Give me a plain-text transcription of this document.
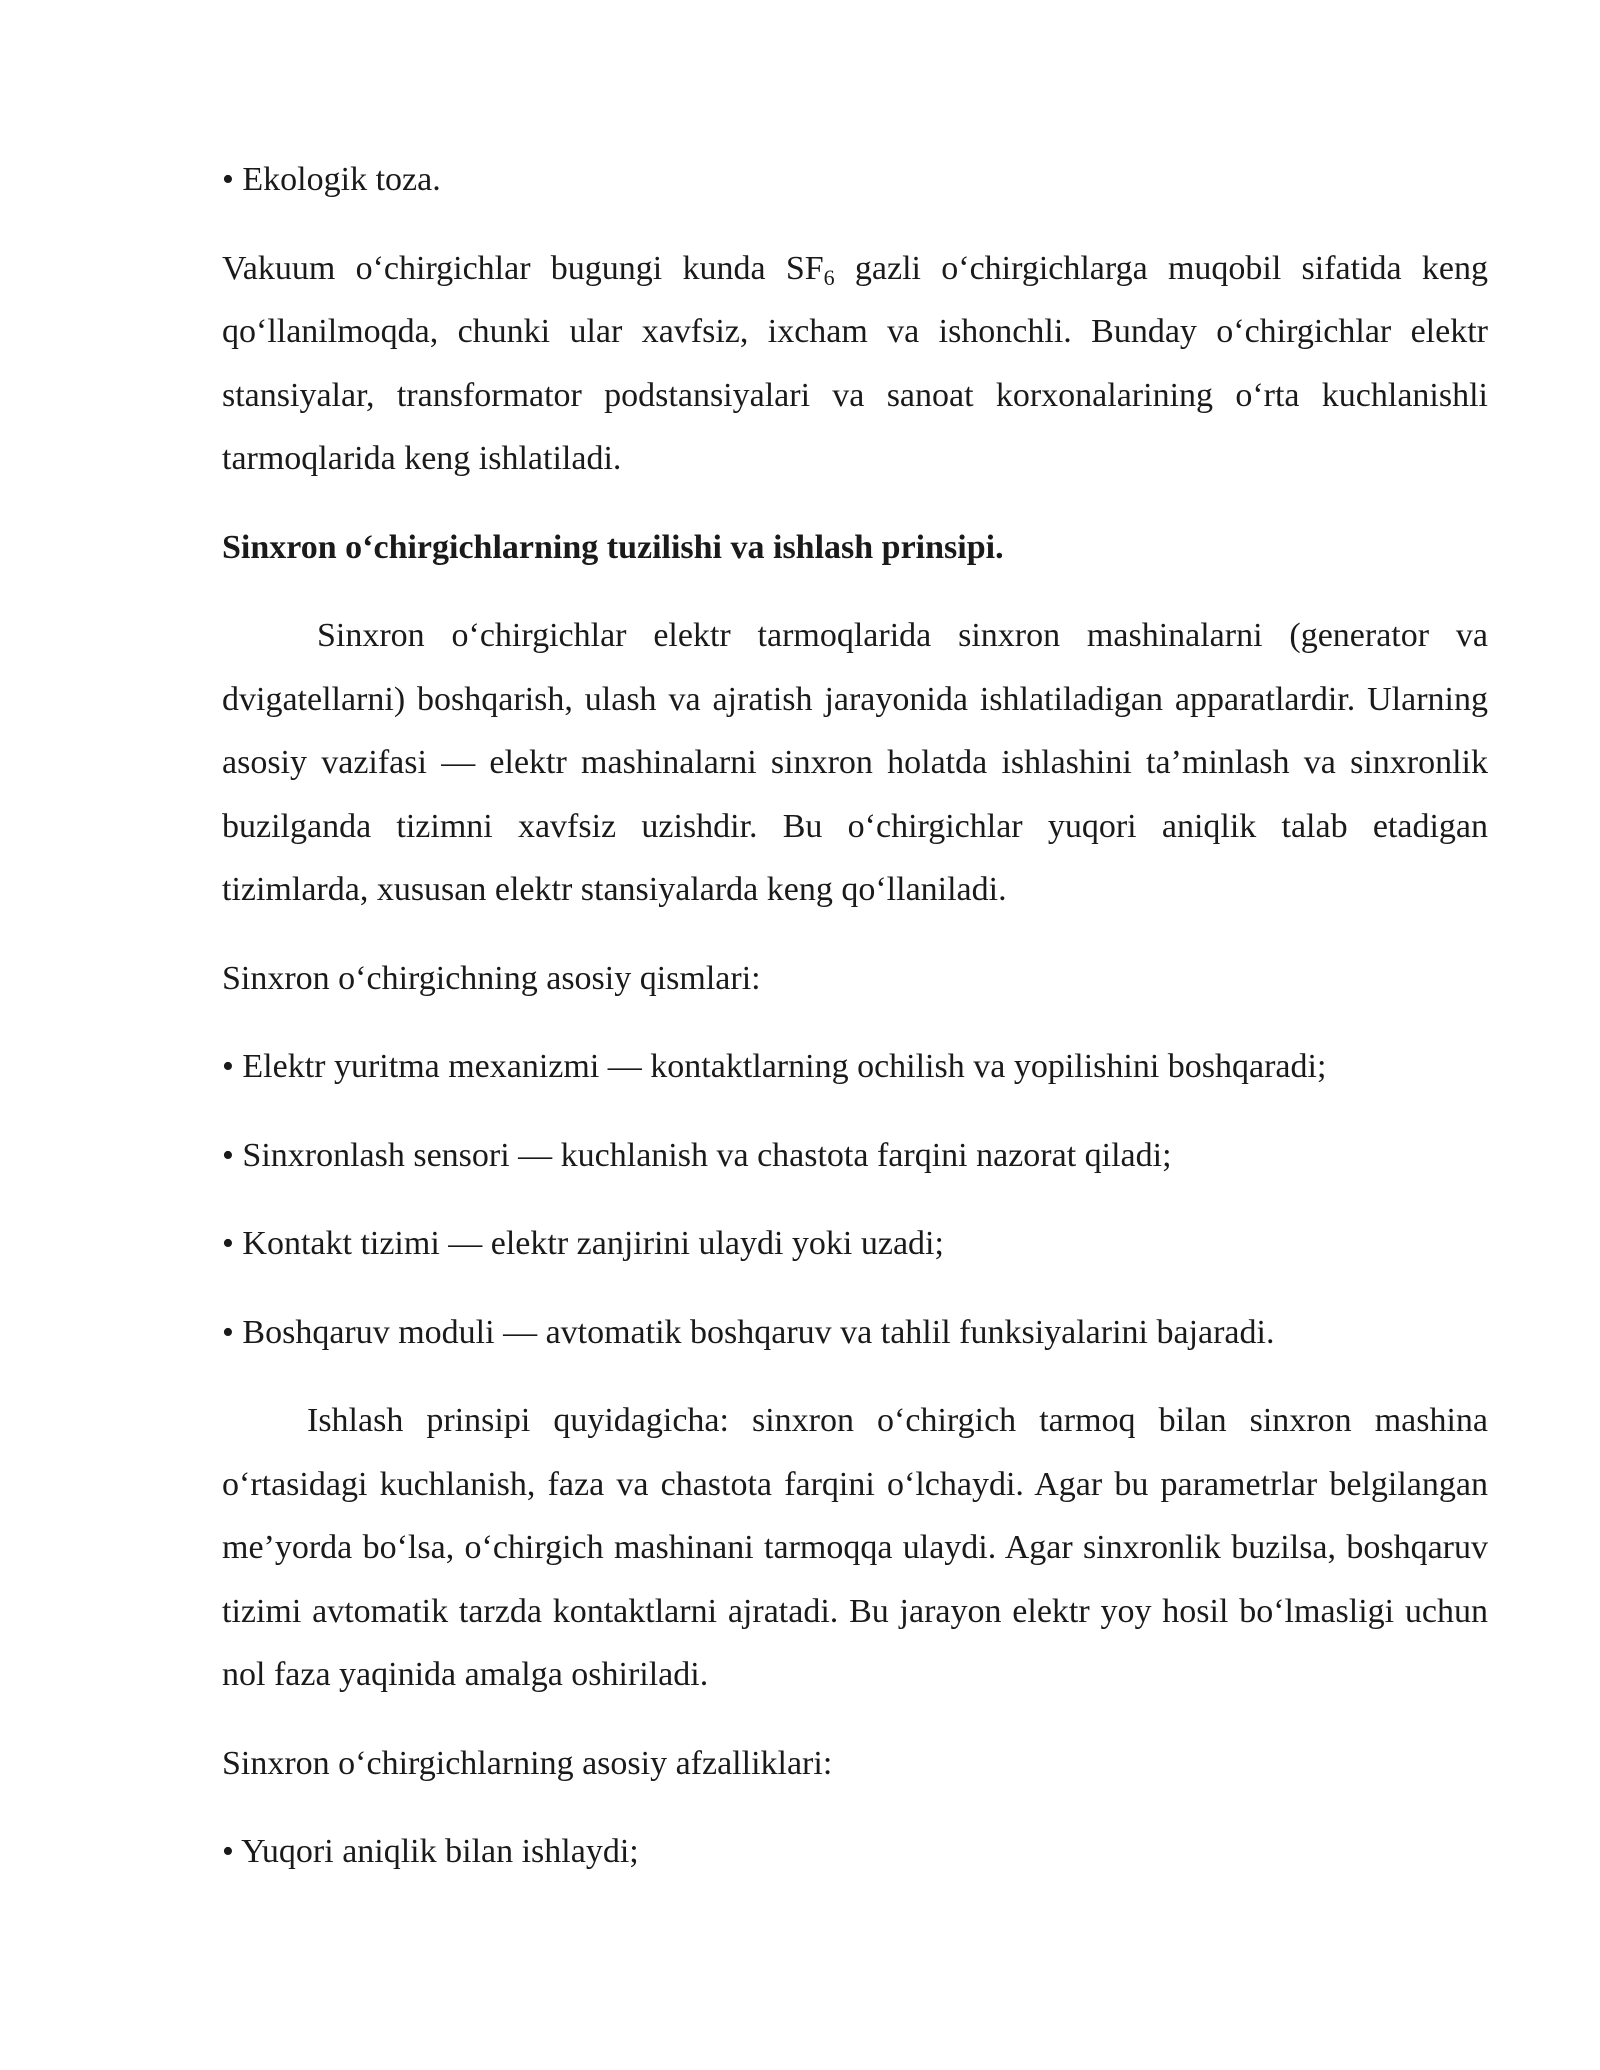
• Ekologik toza.

Vakuum o‘chirgichlar bugungi kunda $SF_6$ gazli o‘chirgichlarga muqobil sifatida keng qo‘llanilmoqda, chunki ular xavfsiz, ixcham va ishonchli. Bunday o‘chirgichlar elektr stansiyalar, transformator podstansiyalari va sanoat korxonalarining o‘rta kuchlanishli tarmoqlarida keng ishlatiladi.

Sinxron o‘chirgichlarning tuzilishi va ishlash prinsipi.

Sinxron o‘chirgichlar elektr tarmoqlarida sinxron mashinalarni (generator va dvigatellarni) boshqarish, ulash va ajratish jarayonida ishlatiladigan apparatlardir. Ularning asosiy vazifasi — elektr mashinalarni sinxron holatda ishlashini ta’minlash va sinxronlik buzilganda tizimni xavfsiz uzishdir. Bu o‘chirgichlar yuqori aniqlik talab etadigan tizimlarda, xususan elektr stansiyalarda keng qo‘llaniladi.

Sinxron o‘chirgichning asosiy qismlari:

• Elektr yuritma mexanizmi — kontaktlarning ochilish va yopilishini boshqaradi;

• Sinxronlash sensori — kuchlanish va chastota farqini nazorat qiladi;

• Kontakt tizimi — elektr zanjirini ulaydi yoki uzadi;

• Boshqaruv moduli — avtomatik boshqaruv va tahlil funksiyalarini bajaradi.

Ishlash prinsipi quyidagicha: sinxron o‘chirgich tarmoq bilan sinxron mashina o‘rtasidagi kuchlanish, faza va chastota farqini o‘lchaydi. Agar bu parametrlar belgilangan me’yorda bo‘lsa, o‘chirgich mashinani tarmoqqa ulaydi. Agar sinxronlik buzilsa, boshqaruv tizimi avtomatik tarzda kontaktlarni ajratadi. Bu jarayon elektr yoy hosil bo‘lmasligi uchun nol faza yaqinida amalga oshiriladi.

Sinxron o‘chirgichlarning asosiy afzalliklari:

• Yuqori aniqlik bilan ishlaydi;
